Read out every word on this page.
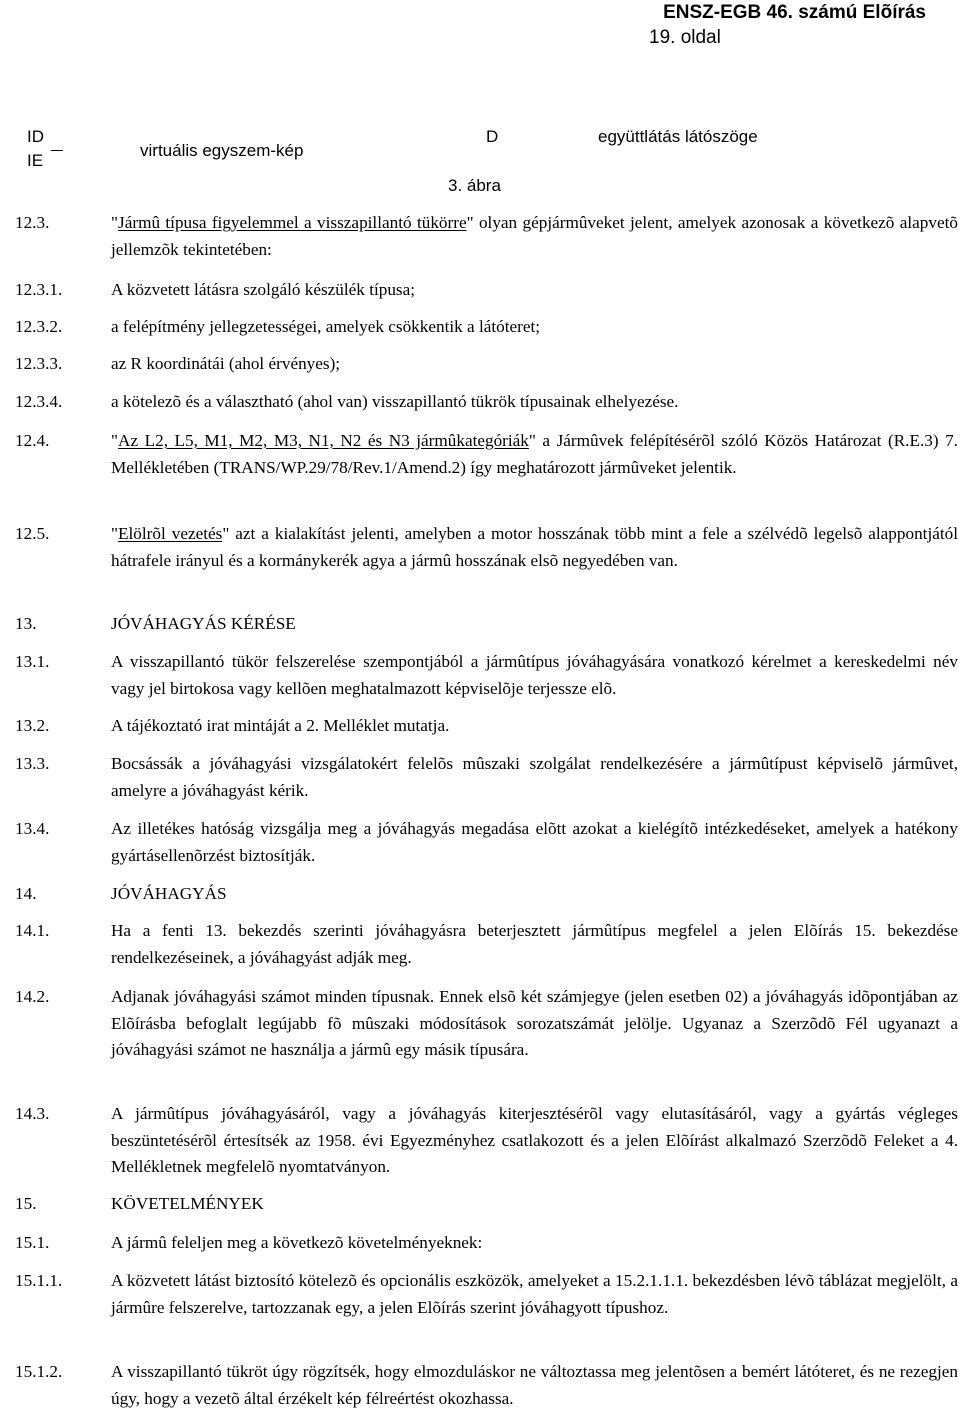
ENSZ-EGB 46. számú Elõírás
19. oldal
ID
IE
virtuális egyszem-kép
D	együttlátás látószöge
3. ábra
12.3.	"Jármû típusa figyelemmel a visszapillantó tükörre" olyan gépjármûveket jelent, amelyek azonosak a következõ alapvetõ jellemzõk tekintetében:
12.3.1.	A közvetett látásra szolgáló készülék típusa;
12.3.2.	a felépítmény jellegzetességei, amelyek csökkentik a látóteret;
12.3.3.	az R koordinátái (ahol érvényes);
12.3.4.	a kötelezõ és a választható (ahol van) visszapillantó tükrök típusainak elhelyezése.
12.4.	"Az L2, L5, M1, M2, M3, N1, N2 és N3 jármûkategóriák" a Jármûvek felépítésérõl szóló Közös Határozat (R.E.3) 7. Mellékletében (TRANS/WP.29/78/Rev.1/Amend.2) így meghatározott jármûveket jelentik.
12.5.	"Elölrõl vezetés" azt a kialakítást jelenti, amelyben a motor hosszának több mint a fele a szélvédõ legelsõ alappontjától hátrafele irányul és a kormánykerék agya a jármû hosszának elsõ negyedében van.
13.	JÓVÁHAGYÁS KÉRÉSE
13.1.	A visszapillantó tükör felszerelése szempontjából a jármûtípus jóváhagyására vonatkozó kérelmet a kereskedelmi név vagy jel birtokosa vagy kellõen meghatalmazott képviselõje terjessze elõ.
13.2.	A tájékoztató irat mintáját a 2. Melléklet mutatja.
13.3.	Bocsássák a jóváhagyási vizsgálatokért felelõs mûszaki szolgálat rendelkezésére a jármûtípust képviselõ jármûvet, amelyre a jóváhagyást kérik.
13.4.	Az illetékes hatóság vizsgálja meg a jóváhagyás megadása elõtt azokat a kielégítõ intézkedéseket, amelyek a hatékony gyártásellenõrzést biztosítják.
14.	JÓVÁHAGYÁS
14.1.	Ha a fenti 13. bekezdés szerinti jóváhagyásra beterjesztett jármûtípus megfelel a jelen Elõírás 15. bekezdése rendelkezéseinek, a jóváhagyást adják meg.
14.2.	Adjanak jóváhagyási számot minden típusnak. Ennek elsõ két számjegye (jelen esetben 02) a jóváhagyás idõpontjában az Elõírásba befoglalt legújabb fõ mûszaki módosítások sorozatszámát jelölje. Ugyanaz a Szerzõdõ Fél ugyanazt a jóváhagyási számot ne használja a jármû egy másik típusára.
14.3.	A jármûtípus jóváhagyásáról, vagy a jóváhagyás kiterjesztésérõl vagy elutasításáról, vagy a gyártás végleges beszüntetésérõl értesítsék az 1958. évi Egyezményhez csatlakozott és a jelen Elõírást alkalmazó Szerzõdõ Feleket a 4. Mellékletnek megfelelõ nyomtatványon.
15.	KÖVETELMÉNYEK
15.1.	A jármû feleljen meg a következõ követelményeknek:
15.1.1.	A közvetett látást biztosító kötelezõ és opcionális eszközök, amelyeket a 15.2.1.1.1. bekezdésben lévõ táblázat megjelölt, a jármûre felszerelve, tartozzanak egy, a jelen Elõírás szerint jóváhagyott típushoz.
15.1.2.	A visszapillantó tükröt úgy rögzítsék, hogy elmozduláskor ne változtassa meg jelentõsen a bemért látóteret, és ne rezegjen úgy, hogy a vezetõ által érzékelt kép félreértést okozhassa.
